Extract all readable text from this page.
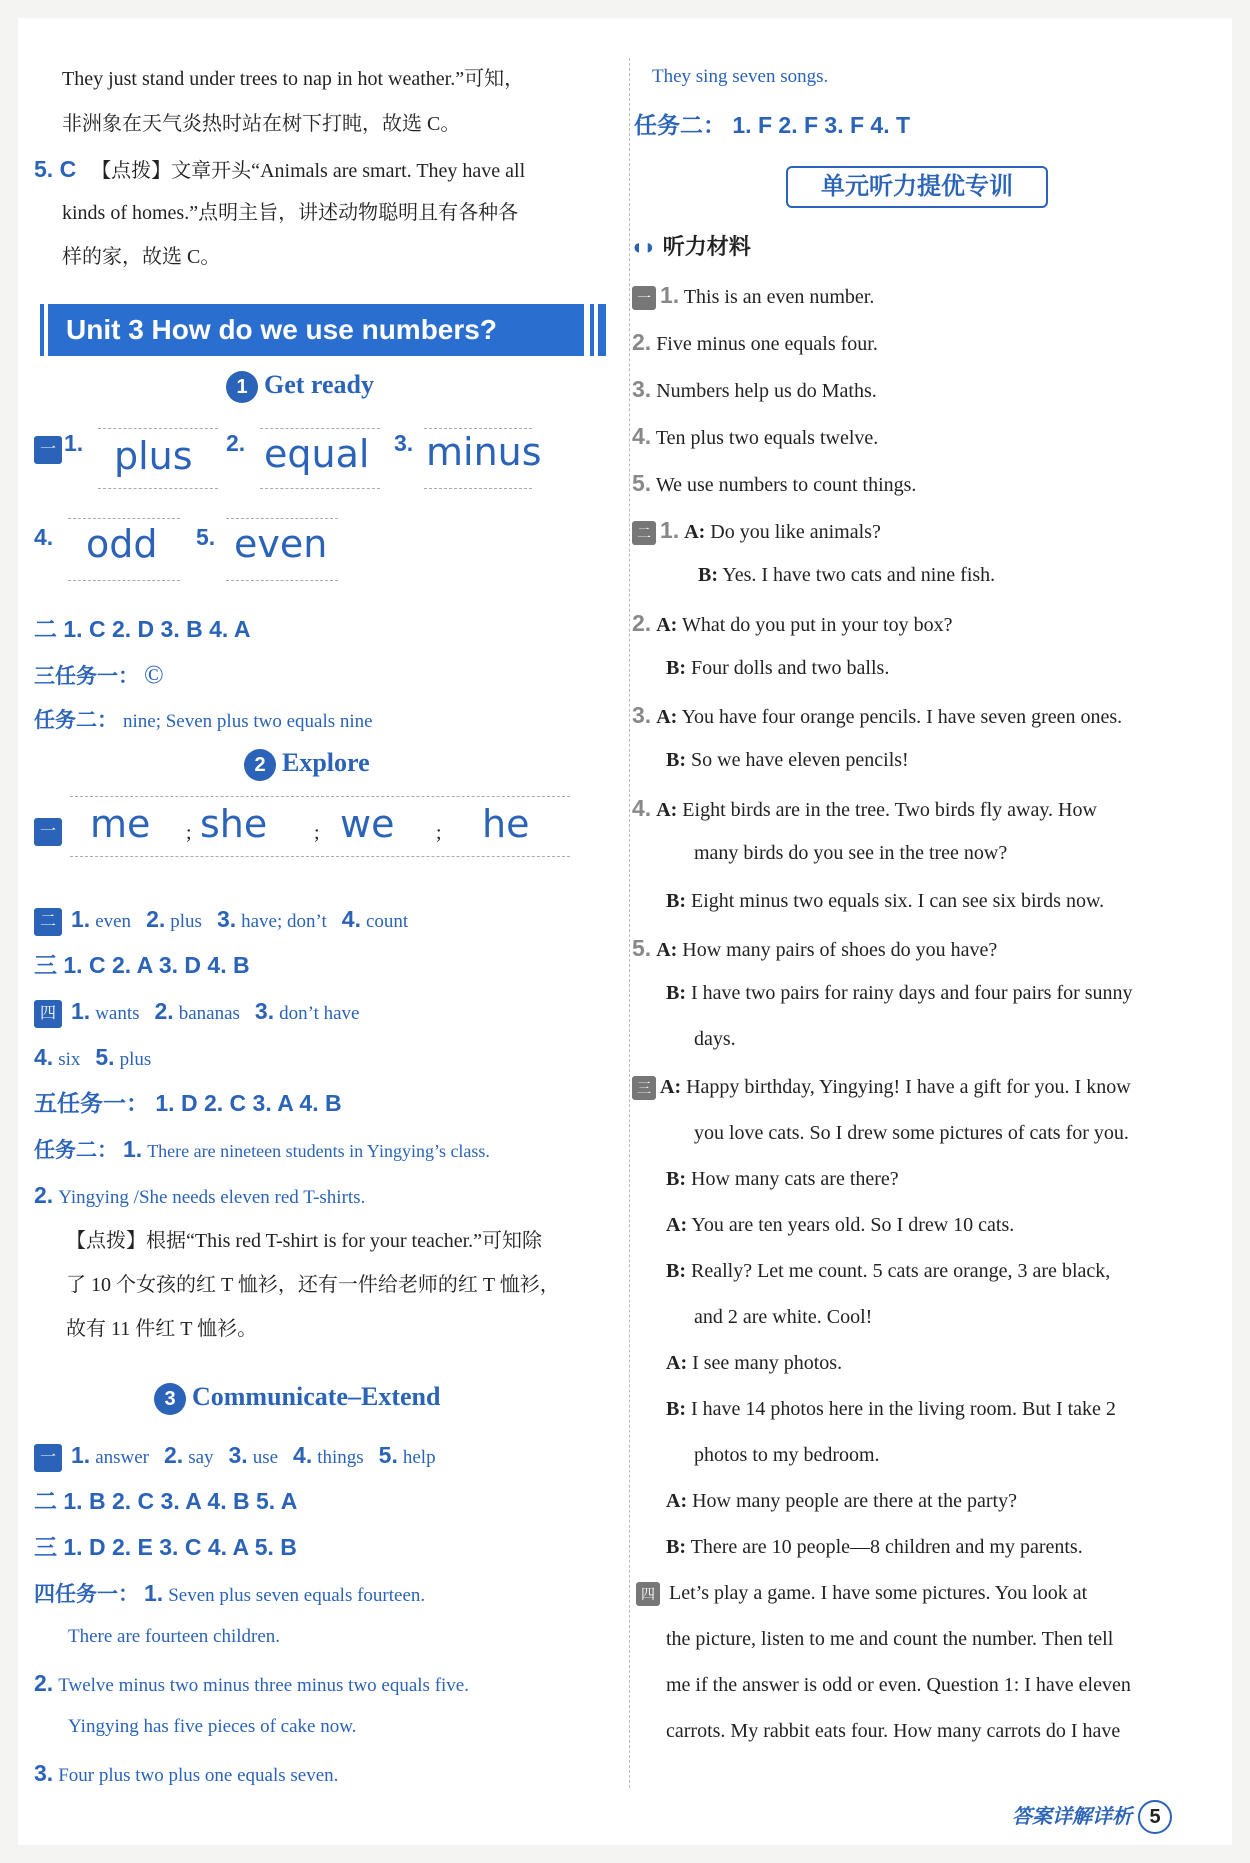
They just stand under trees to nap in hot weather.”可知，
非洲象在天气炎热时站在树下打盹，故选 C。
5. C 【点拨】文章开头“Animals are smart. They have all
kinds of homes.”点明主旨，讲述动物聪明且有各种各
样的家，故选 C。
Unit 3 How do we use numbers?
1 Get ready
一 1. plus 2. equal 3. minus
4. odd 5. even
二 1. C 2. D 3. B 4. A
三任务一： ©
任务二： nine; Seven plus two equals nine
2 Explore
一 me ; she ; we ; he
二 1. even 2. plus 3. have; don’t 4. count
三 1. C 2. A 3. D 4. B
四 1. wants 2. bananas 3. don’t have
4. six 5. plus
五任务一： 1. D 2. C 3. A 4. B
任务二： 1. There are nineteen students in Yingying’s class.
2. Yingying /She needs eleven red T-shirts.
【点拨】根据“This red T-shirt is for your teacher.”可知除
了 10 个女孩的红 T 恤衫，还有一件给老师的红 T 恤衫，
故有 11 件红 T 恤衫。
3 Communicate–Extend
一 1. answer 2. say 3. use 4. things 5. help
二 1. B 2. C 3. A 4. B 5. A
三 1. D 2. E 3. C 4. A 5. B
四任务一： 1. Seven plus seven equals fourteen.
There are fourteen children.
2. Twelve minus two minus three minus two equals five.
Yingying has five pieces of cake now.
3. Four plus two plus one equals seven.
They sing seven songs.
任务二： 1. F 2. F 3. F 4. T
单元听力提优专训
◖◗ 听力材料
一 1. This is an even number.
2. Five minus one equals four.
3. Numbers help us do Maths.
4. Ten plus two equals twelve.
5. We use numbers to count things.
二 1. A: Do you like animals?
B: Yes. I have two cats and nine fish.
2. A: What do you put in your toy box?
B: Four dolls and two balls.
3. A: You have four orange pencils. I have seven green ones.
B: So we have eleven pencils!
4. A: Eight birds are in the tree. Two birds fly away. How
many birds do you see in the tree now?
B: Eight minus two equals six. I can see six birds now.
5. A: How many pairs of shoes do you have?
B: I have two pairs for rainy days and four pairs for sunny
days.
三 A: Happy birthday, Yingying! I have a gift for you. I know
you love cats. So I drew some pictures of cats for you.
B: How many cats are there?
A: You are ten years old. So I drew 10 cats.
B: Really? Let me count. 5 cats are orange, 3 are black,
and 2 are white. Cool!
A: I see many photos.
B: I have 14 photos here in the living room. But I take 2
photos to my bedroom.
A: How many people are there at the party?
B: There are 10 people—8 children and my parents.
四 Let’s play a game. I have some pictures. You look at
the picture, listen to me and count the number. Then tell
me if the answer is odd or even. Question 1: I have eleven
carrots. My rabbit eats four. How many carrots do I have
答案详解详析 5
